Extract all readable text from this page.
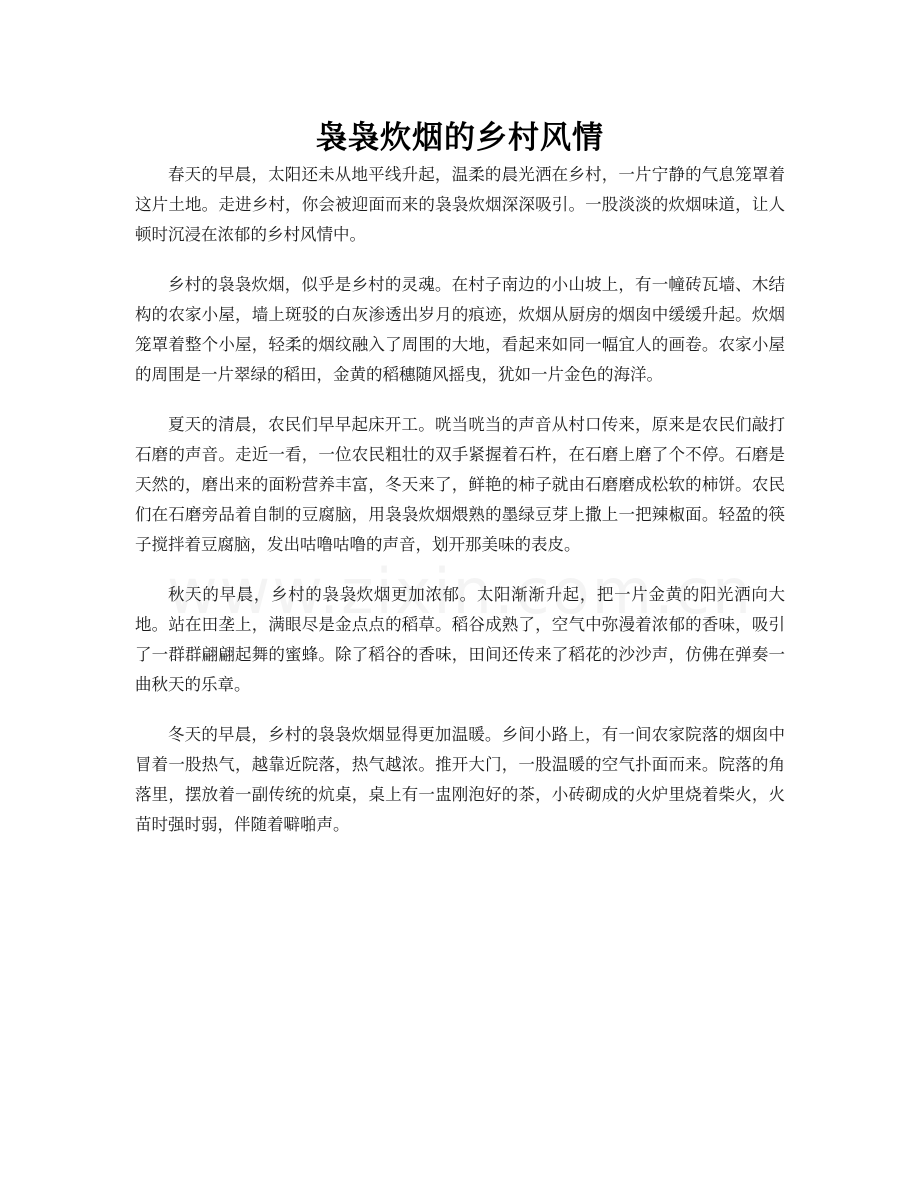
袅袅炊烟的乡村风情

春天的早晨，太阳还未从地平线升起，温柔的晨光洒在乡村，一片宁静的气息笼罩着这片土地。走进乡村，你会被迎面而来的袅袅炊烟深深吸引。一股淡淡的炊烟味道，让人顿时沉浸在浓郁的乡村风情中。

乡村的袅袅炊烟，似乎是乡村的灵魂。在村子南边的小山坡上，有一幢砖瓦墙、木结构的农家小屋，墙上斑驳的白灰渗透出岁月的痕迹，炊烟从厨房的烟囱中缓缓升起。炊烟笼罩着整个小屋，轻柔的烟纹融入了周围的大地，看起来如同一幅宜人的画卷。农家小屋的周围是一片翠绿的稻田，金黄的稻穗随风摇曳，犹如一片金色的海洋。

夏天的清晨，农民们早早起床开工。咣当咣当的声音从村口传来，原来是农民们敲打石磨的声音。走近一看，一位农民粗壮的双手紧握着石杵，在石磨上磨了个不停。石磨是天然的，磨出来的面粉营养丰富，冬天来了，鲜艳的柿子就由石磨磨成松软的柿饼。农民们在石磨旁品着自制的豆腐脑，用袅袅炊烟煨熟的墨绿豆芽上撒上一把辣椒面。轻盈的筷子搅拌着豆腐脑，发出咕噜咕噜的声音，划开那美味的表皮。

秋天的早晨，乡村的袅袅炊烟更加浓郁。太阳渐渐升起，把一片金黄的阳光洒向大地。站在田垄上，满眼尽是金点点的稻草。稻谷成熟了，空气中弥漫着浓郁的香味，吸引了一群群翩翩起舞的蜜蜂。除了稻谷的香味，田间还传来了稻花的沙沙声，仿佛在弹奏一曲秋天的乐章。

冬天的早晨，乡村的袅袅炊烟显得更加温暖。乡间小路上，有一间农家院落的烟囱中冒着一股热气，越靠近院落，热气越浓。推开大门，一股温暖的空气扑面而来。院落的角落里，摆放着一副传统的炕桌，桌上有一盅刚泡好的茶，小砖砌成的火炉里烧着柴火，火苗时强时弱，伴随着噼啪声。
